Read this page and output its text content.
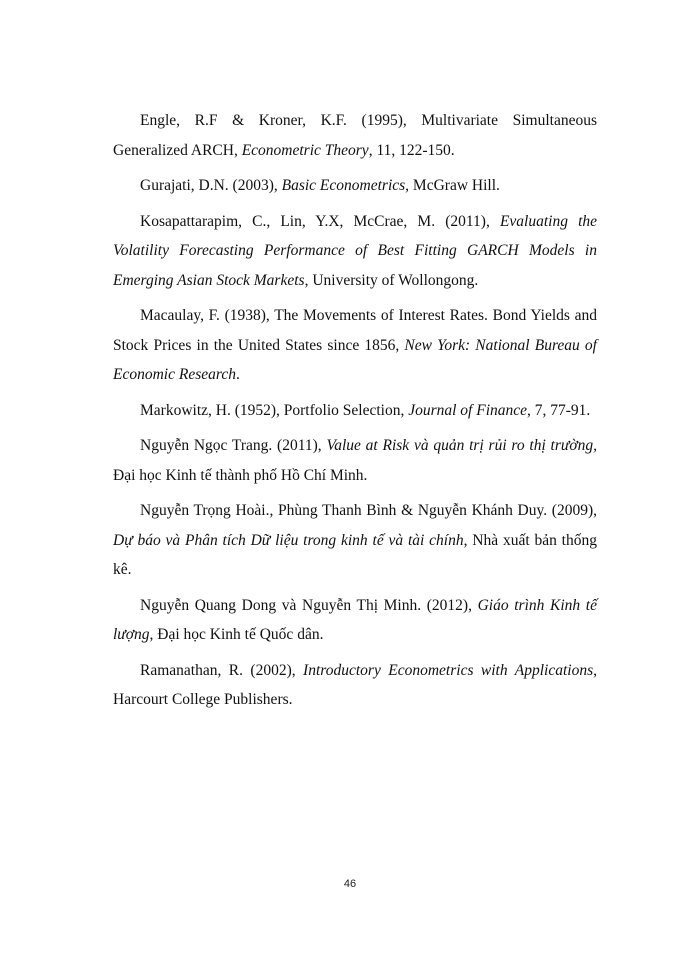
Engle, R.F & Kroner, K.F. (1995), Multivariate Simultaneous Generalized ARCH, Econometric Theory, 11, 122-150.

Gurajati, D.N. (2003), Basic Econometrics, McGraw Hill.

Kosapattarapim, C., Lin, Y.X, McCrae, M. (2011), Evaluating the Volatility Forecasting Performance of Best Fitting GARCH Models in Emerging Asian Stock Markets, University of Wollongong.

Macaulay, F. (1938), The Movements of Interest Rates. Bond Yields and Stock Prices in the United States since 1856, New York: National Bureau of Economic Research.

Markowitz, H. (1952), Portfolio Selection, Journal of Finance, 7, 77-91.

Nguyễn Ngọc Trang. (2011), Value at Risk và quản trị rủi ro thị trường, Đại học Kinh tế thành phố Hồ Chí Minh.

Nguyễn Trọng Hoài., Phùng Thanh Bình & Nguyễn Khánh Duy. (2009), Dự báo và Phân tích Dữ liệu trong kinh tế và tài chính, Nhà xuất bản thống kê.

Nguyễn Quang Dong và Nguyễn Thị Minh. (2012), Giáo trình Kinh tế lượng, Đại học Kinh tế Quốc dân.

Ramanathan, R. (2002), Introductory Econometrics with Applications, Harcourt College Publishers.

46
